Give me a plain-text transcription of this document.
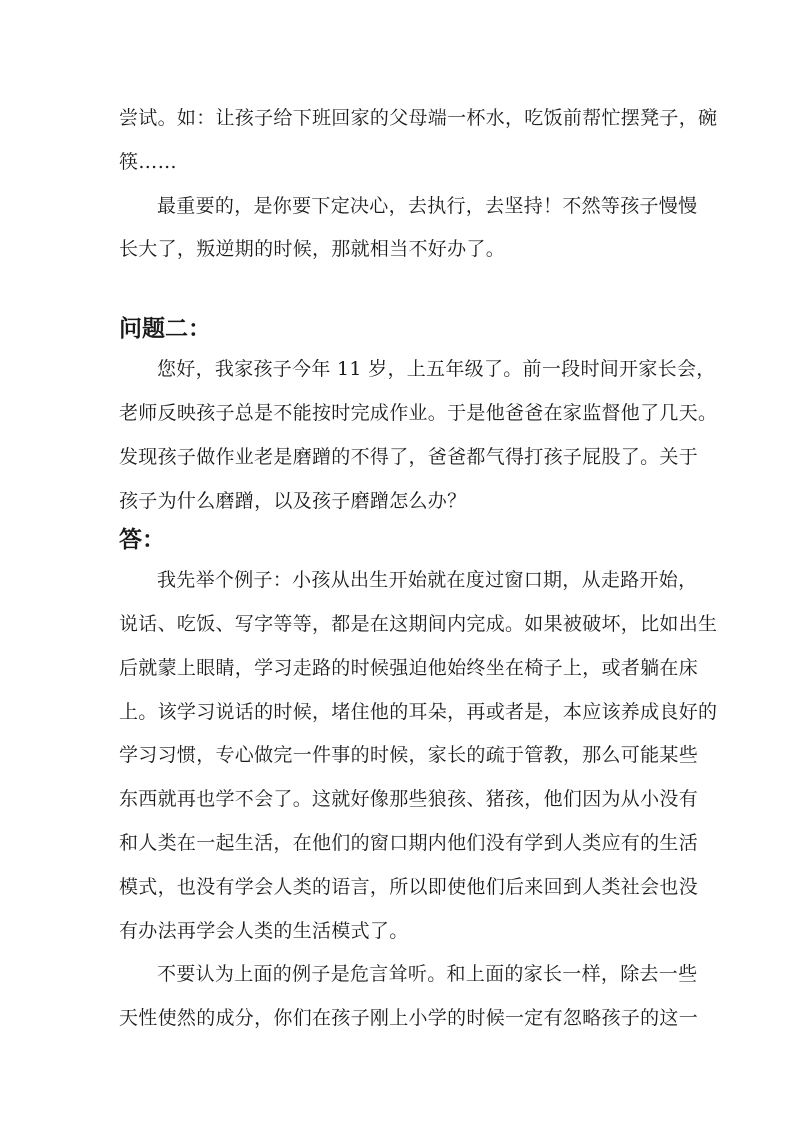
尝试。如：让孩子给下班回家的父母端一杯水，吃饭前帮忙摆凳子，碗
筷……
最重要的，是你要下定决心，去执行，去坚持！不然等孩子慢慢
长大了，叛逆期的时候，那就相当不好办了。
问题二：
您好，我家孩子今年 11 岁，上五年级了。前一段时间开家长会，
老师反映孩子总是不能按时完成作业。于是他爸爸在家监督他了几天。
发现孩子做作业老是磨蹭的不得了，爸爸都气得打孩子屁股了。关于
孩子为什么磨蹭，以及孩子磨蹭怎么办？
答：
我先举个例子：小孩从出生开始就在度过窗口期，从走路开始，
说话、吃饭、写字等等，都是在这期间内完成。如果被破坏，比如出生
后就蒙上眼睛，学习走路的时候强迫他始终坐在椅子上，或者躺在床
上。该学习说话的时候，堵住他的耳朵，再或者是，本应该养成良好的
学习习惯，专心做完一件事的时候，家长的疏于管教，那么可能某些
东西就再也学不会了。这就好像那些狼孩、猪孩，他们因为从小没有
和人类在一起生活，在他们的窗口期内他们没有学到人类应有的生活
模式，也没有学会人类的语言，所以即使他们后来回到人类社会也没
有办法再学会人类的生活模式了。
不要认为上面的例子是危言耸听。和上面的家长一样，除去一些
天性使然的成分，你们在孩子刚上小学的时候一定有忽略孩子的这一
